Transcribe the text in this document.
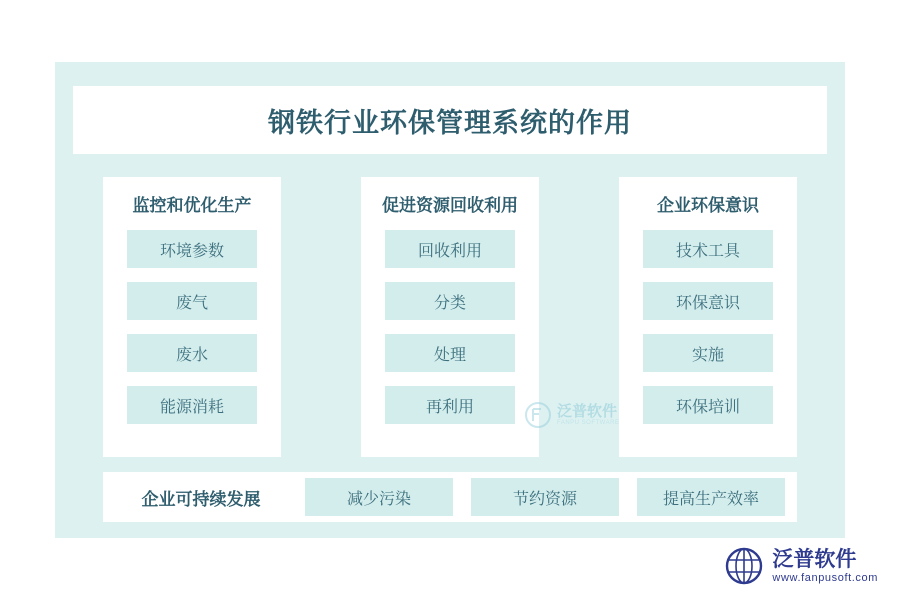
钢铁行业环保管理系统的作用
监控和优化生产
环境参数
废气
废水
能源消耗
促进资源回收利用
回收利用
分类
处理
再利用
企业环保意识
技术工具
环保意识
实施
环保培训
企业可持续发展	减少污染	节约资源	提高生产效率
泛普软件
FANPU SOFTWARE
泛普软件
www.fanpusoft.com
